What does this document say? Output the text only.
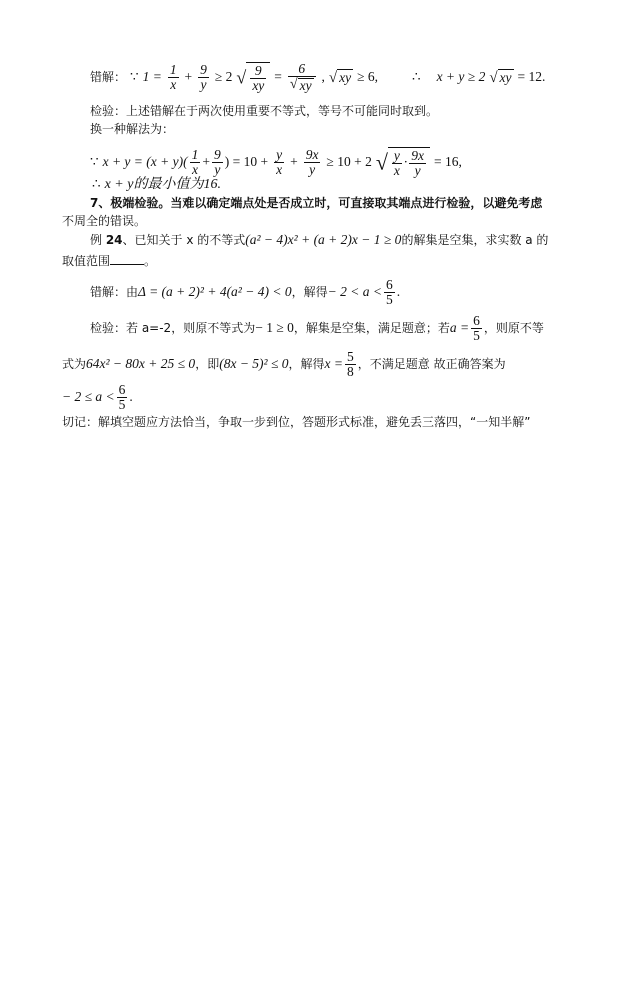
错解： ∵ $1 = \frac{1}{x} + \frac{9}{y} \ge 2$ √ $\frac{9}{xy} = \frac{6}{√ xy}$ , √ xy ≥ 6,	∴ x + y ≥ 2 √ xy = 12.
检验：上述错解在于两次使用重要不等式，等号不可能同时取到。
换一种解法为：
∵ $x + y = (x + y)( \frac{1}{x} + \frac{9}{y}$ ) = $10 + \frac{y}{x} + \frac{9x}{y} \ge 10 + 2$ √ $\frac{y}{x} \cdot \frac{9x}{y} = 16$,
∴ x + y的最小值为16.
7、极端检验。当难以确定端点处是否成立时，可直接取其端点进行检验，以避免考虑
不周全的错误。
例 24、已知关于 x 的不等式(a² − 4)x² + (a + 2)x − 1 ≥ 0的解集是空集，求实数 a 的
取值范围	。
错解：由Δ = (a + 2)² + 4(a² − 4) < 0，解得− $2 < a < \frac{6}{5}$ .
检验：若 a=-2，则原不等式为− 1 ≥ 0，解集是空集，满足题意；若$a = \frac{6}{5}$ ，则原不等
式为64x² − 80x + 25 ≤ 0，即(8x − 5)² ≤ 0，解得$x = \frac{5}{8}$ ，不满足题意 故正确答案为
− $2 \le a < \frac{6}{5}$ .
切记：解填空题应方法恰当，争取一步到位，答题形式标准，避免丢三落四，“一知半解”
